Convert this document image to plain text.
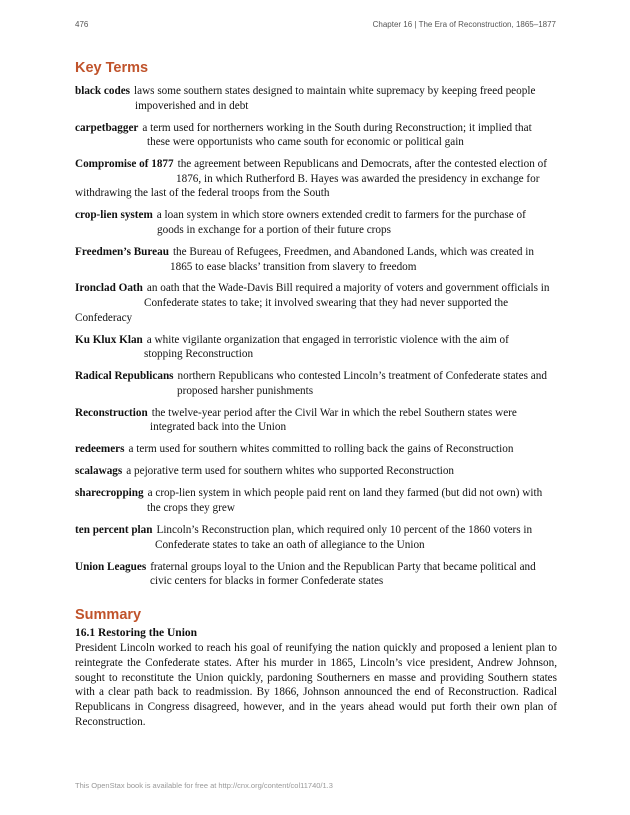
476	Chapter 16 | The Era of Reconstruction, 1865–1877
Key Terms

black codes laws some southern states designed to maintain white supremacy by keeping freed people
impoverished and in debt

carpetbagger a term used for northerners working in the South during Reconstruction; it implied that
these were opportunists who came south for economic or political gain

Compromise of 1877 the agreement between Republicans and Democrats, after the contested election of
1876, in which Rutherford B. Hayes was awarded the presidency in exchange for
withdrawing the last of the federal troops from the South

crop-lien system a loan system in which store owners extended credit to farmers for the purchase of
goods in exchange for a portion of their future crops

Freedmen’s Bureau the Bureau of Refugees, Freedmen, and Abandoned Lands, which was created in
1865 to ease blacks’ transition from slavery to freedom

Ironclad Oath an oath that the Wade-Davis Bill required a majority of voters and government officials in
Confederate states to take; it involved swearing that they had never supported the
Confederacy

Ku Klux Klan a white vigilante organization that engaged in terroristic violence with the aim of
stopping Reconstruction

Radical Republicans northern Republicans who contested Lincoln’s treatment of Confederate states and
proposed harsher punishments

Reconstruction the twelve-year period after the Civil War in which the rebel Southern states were
integrated back into the Union

redeemers a term used for southern whites committed to rolling back the gains of Reconstruction

scalawags a pejorative term used for southern whites who supported Reconstruction

sharecropping a crop-lien system in which people paid rent on land they farmed (but did not own) with
the crops they grew

ten percent plan Lincoln’s Reconstruction plan, which required only 10 percent of the 1860 voters in
Confederate states to take an oath of allegiance to the Union

Union Leagues fraternal groups loyal to the Union and the Republican Party that became political and
civic centers for blacks in former Confederate states

Summary
16.1 Restoring the Union

President Lincoln worked to reach his goal of reunifying the nation quickly and proposed a lenient plan to reintegrate the Confederate states. After his murder in 1865, Lincoln’s vice president, Andrew Johnson, sought to reconstitute the Union quickly, pardoning Southerners en masse and providing Southern states with a clear path back to readmission. By 1866, Johnson announced the end of Reconstruction. Radical Republicans in Congress disagreed, however, and in the years ahead would put forth their own plan of Reconstruction.

This OpenStax book is available for free at http://cnx.org/content/col11740/1.3
